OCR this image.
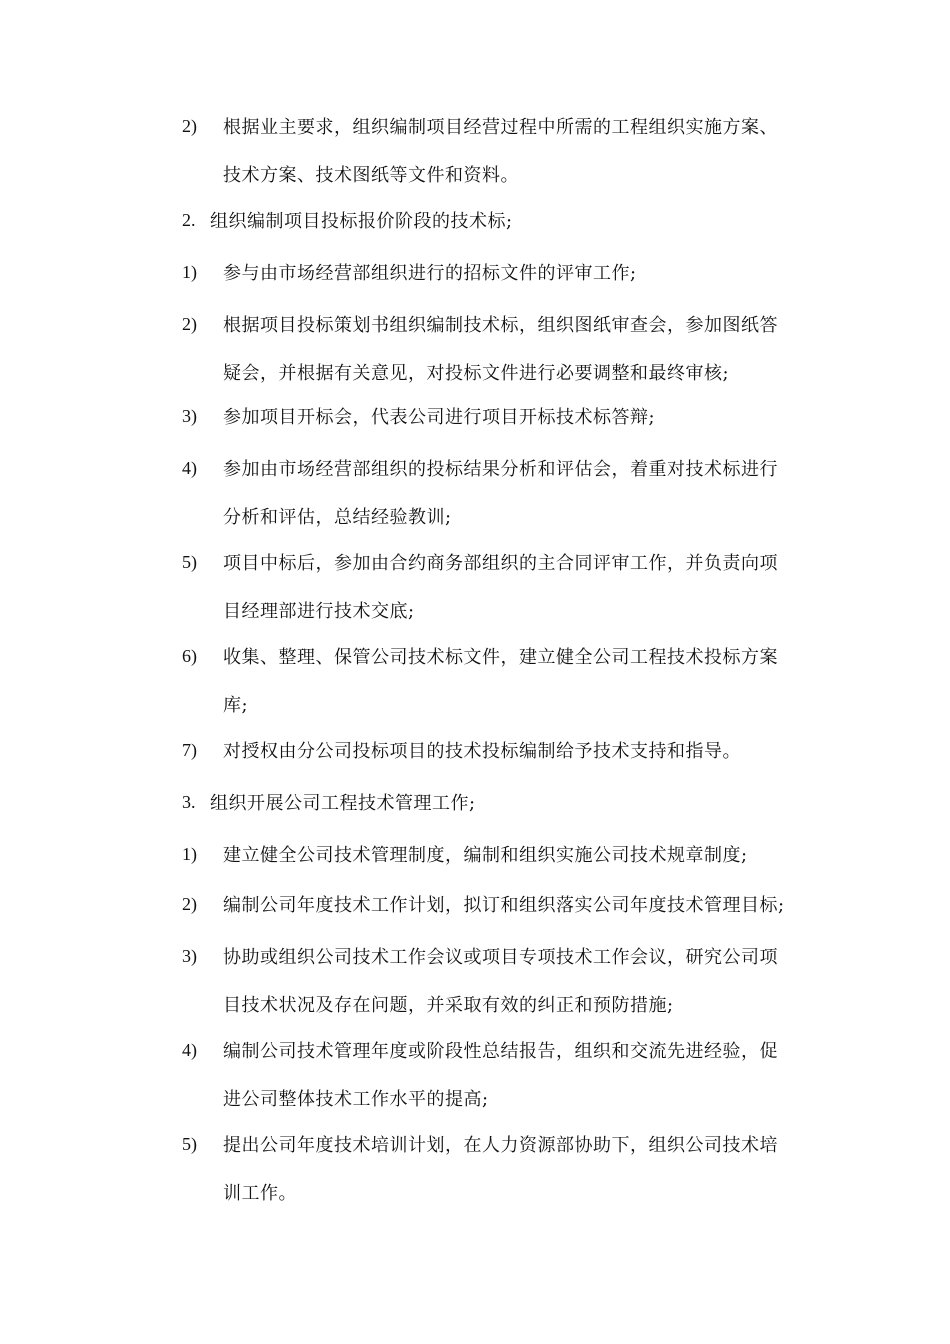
2)	根据业主要求，组织编制项目经营过程中所需的工程组织实施方案、
技术方案、技术图纸等文件和资料。
2. 组织编制项目投标报价阶段的技术标;
1)	参与由市场经营部组织进行的招标文件的评审工作;
2)	根据项目投标策划书组织编制技术标，组织图纸审查会，参加图纸答
疑会，并根据有关意见，对投标文件进行必要调整和最终审核;
3)	参加项目开标会，代表公司进行项目开标技术标答辩;
4)	参加由市场经营部组织的投标结果分析和评估会，着重对技术标进行
分析和评估，总结经验教训;
5)	项目中标后，参加由合约商务部组织的主合同评审工作，并负责向项
目经理部进行技术交底;
6)	收集、整理、保管公司技术标文件，建立健全公司工程技术投标方案
库;
7)	对授权由分公司投标项目的技术投标编制给予技术支持和指导。
3. 组织开展公司工程技术管理工作;
1)	建立健全公司技术管理制度，编制和组织实施公司技术规章制度;
2)	编制公司年度技术工作计划，拟订和组织落实公司年度技术管理目标;
3)	协助或组织公司技术工作会议或项目专项技术工作会议，研究公司项
目技术状况及存在问题，并采取有效的纠正和预防措施;
4)	编制公司技术管理年度或阶段性总结报告，组织和交流先进经验，促
进公司整体技术工作水平的提高;
5)	提出公司年度技术培训计划，在人力资源部协助下，组织公司技术培
训工作。
